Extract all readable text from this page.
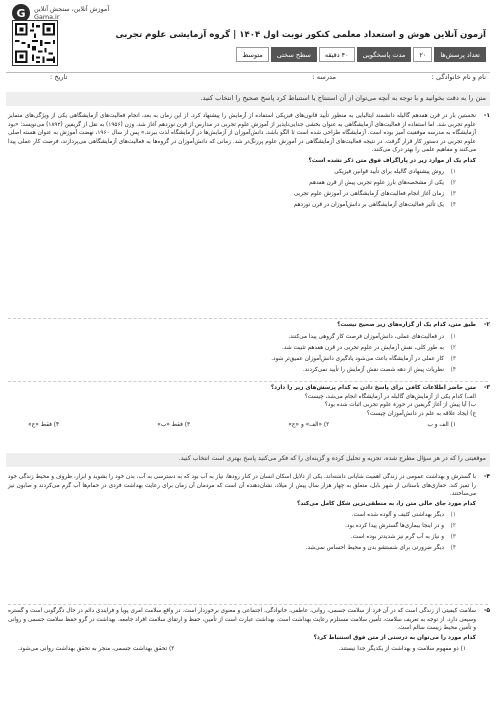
G	آموزش آنلاین، سنجش آنلاین
Gama.ir
آزمون آنلاین هوش و استعداد معلمی کنکور نوبت اول ۱۴۰۴ | گروه آزمایشی علوم تجربی
تعداد پرسش‌ها
۲۰
مدت پاسخگویی
۴۰ دقیقه
سطح سختی
متوسط
نام و نام خانوادگی :
مدرسه :
تاریخ :
متن را به دقت بخوانید و با توجه به آنچه می‌توان از آن استنتاج یا استنباط کرد پاسخ صحیح را انتخاب کنید.
۱-
نخستین بار در قرن هفدهم گالیله دانشمند ایتالیایی به منظور تأیید قانون‌های فیزیکی استفاده از آزمایش را پیشنهاد کرد. از این زمان به بعد، انجام فعالیت‌های آزمایشگاهی یکی از ویژگی‌های متمایز علوم تجربی شد. اما استفاده از فعالیت‌های آزمایشگاهی به عنوان بخشی جدایی‌ناپذیر از آموزش علوم تجربی در مدارس از قرن نوزدهم آغاز شد. وزن (۱۹۵۶) به نقل از گریفین (۱۸۹۲) می‌نویسد: «بود آزمایشگاه به مدرسه موفقیت آمیز بوده است. آزمایشگاه طراحی شده است تا الگو باشد، دانش‌آموزان از آزمایش‌ها در آزمایشگاه لذت ببرند.» پس از سال ۱۹۶۰، نهضت آموزش به‌ عنوان هسته اصلی علوم تجربی در دستور کار قرار گرفت. در نتیجه فعالیت‌های آزمایشگاهی در آموزش علوم پررنگ‌تر شد. زمانی که دانش‌آموزان در گروه‌ها به فعالیت‌های آزمایشگاهی می‌پردازند، فرصت کار عملی پیدا می‌کنند و مفاهیم علمی را بهتر درک می‌کنند.
کدام یک از موارد زیر در پاراگراف فوق متن ذکر نشده است؟
۱)
روش پیشنهادی گالیله برای تأیید قوانین فیزیکی
۲)
یکی از مشخصه‌های بارز علوم تجربی پیش از قرن هفدهم
۳)
زمان آغاز انجام فعالیت‌های آزمایشگاهی در آموزش علوم تجربی
۴)
یک تأثیر فعالیت‌های آزمایشگاهی بر دانش‌آموزان در قرن نوزدهم
۲-
طبق متن، کدام یک از گزاره‌های زیر صحیح نیست؟
۱)
در فعالیت‌های عملی، دانش‌آموزان فرصت کار گروهی پیدا می‌کنند.
۲)
به طور کلی، نقش آزمایش در علوم تجربی در قرن هفدهم تثبیت شد.
۳)
کار عملی در آزمایشگاه باعث می‌شود یادگیری دانش‌آموزان عمیق‌تر شود.
۴)
نظریات پیش از دهه شصت نقش آزمایش را تأیید نمی‌کردند.
۳-
متن حاضر اطلاعات کافی برای پاسخ دادن به کدام پرسش‌های زیر را دارد؟
الف) کدام یکی از آزمایش‌های گالیله در آزمایشگاه انجام می‌شد، چیست؟
ب) آیا پیش از آغاز گریفین در حوزهٔ علوم تجربی اثبات شده بود؟
ج) ایجاد علاقه به علم در دانش‌آموزان چیست؟
۱) الف و ب
۲) «الف» و «ج»
۳) فقط «ب»
۴) فقط «ج»
موقعیتی را که در هر سؤال مطرح شده، تجزیه و تحلیل کرده و گزینه‌ای را که فکر می‌کنید پاسخ بهتری است انتخاب کنید.
۴-
با گسترش و بهداشت عمومی در زندگی اهمیت شایانی داشته‌اند. یکی از دلایل اسکان انسان در کنار رودها، نیاز به آب بود که به دسترسی به آب، بدن خود را بشوید و ابزار، ظروف و محیط زندگی خود را تمیز کند. حفاری‌های باستانی از شهر بابل، متعلق به چهار هزار سال پیش از میلاد، نشان‌دهنده آن است که مردمان آن زمان برای رعایت بهداشت فردی در حمام‌ها آب گرم می‌کردند و صابون نیز می‌ساختند.
کدام مورد جای خالی متن را، به منطقی‌ترین شکل کامل می‌کند؟
۱)
دیگر بهداشتی کثیف و آلوده شده است.
۲)
و در اینجا بیماری‌ها گسترش پیدا کرده بود.
۳)
و نیاز به آب گرم نیز شدیدتر بوده است.
۴)
دیگر ضرورتی برای شستشو بدن و محیط احساس نمی‌شد.
۵-
سلامت کیفیتی از زندگی است که در آن فرد از سلامت جسمی، روانی، عاطفی، خانوادگی، اجتماعی و معنوی برخوردار است. در واقع سلامت امری پویا و فرایندی دائم در حال دگرگونی است و گستره وسیعی دارد. از توجه به تعریف سلامت، تأمین سلامت مستلزم رعایت بهداشت است. بهداشت عبارت است از تأمین، حفظ و ارتقای سلامت افراد جامعه. بهداشت در گرو حفظ سلامت جسمی و روانی و تأمین محیط زیست سالم است.
کدام مورد را می‌توان به درستی از متن فوق استنباط کرد؟
۱) دو مفهوم سلامت و بهداشت از یکدیگر جدا نیستند.
۲) تحقق بهداشت جسمی، منجر به تحقق بهداشت روانی می‌شود.
